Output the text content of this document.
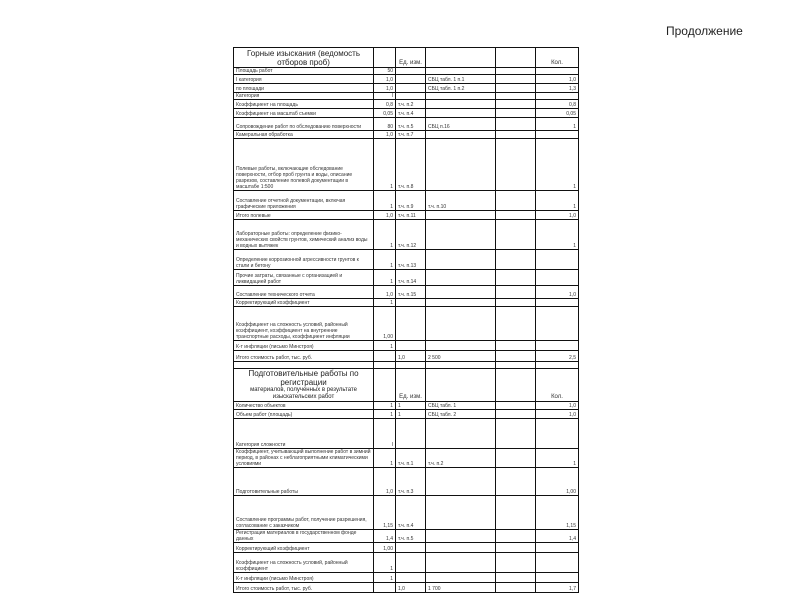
Продолжение
Горные изыскания (ведомость отборов проб)		Ед. изм.			Кол.
Площадь работ	50				
I категория	1,0		СБЦ табл. 1 п.1		1,0
по площади	1,0		СБЦ табл. 1 п.2		1,3
Категория	I				
Коэффициент на площадь	0,8	т.ч. п.2			0,8
Коэффициент на масштаб съемки	0,05	т.ч. п.4			0,05
Сопровождение работ по обследованию поверхности	80	т.ч. п.5	СБЦ п.16		1
Камеральная обработка	1,0	т.ч. п.7			
Полевые работы, включающие обследование поверхности, отбор проб грунта и воды, описание разрезов, составление полевой документации в масштабе 1:500	1	т.ч. п.8			1
Составление отчетной документации, включая графические приложения	1	т.ч. п.9	т.ч. п.10		1
Итого полевые	1,0	т.ч. п.11			1,0
Лабораторные работы: определение физико-механических свойств грунтов, химический анализ воды и водных вытяжек	1	т.ч. п.12			1
Определение коррозионной агрессивности грунтов к стали и бетону	1	т.ч. п.13			
Прочие затраты, связанные с организацией и ликвидацией работ	1	т.ч. п.14			
Составление технического отчета	1,0	т.ч. п.15			1,0
Корректирующий коэффициент	1				
Коэффициент на сложность условий, районный коэффициент, коэффициент на внутренние транспортные расходы, коэффициент инфляции	1,00				
К-т инфляции (письмо Минстроя)	1				
Итого стоимость работ, тыс. руб.		1,0	2 500		2,5

Подготовительные работы по регистрации
материалов, полученных в результате изыскательских работ		Ед. изм.			Кол.
Количество объектов	1	1	СБЦ табл. 1		1,0
Объем работ (площадь)	1	1	СБЦ табл. 2		1,0
Категория сложности	I				
Коэффициент, учитывающий выполнение работ в зимний период, в районах с неблагоприятными климатическими условиями	1	т.ч. п.1	т.ч. п.2		1
Подготовительные работы	1,0	т.ч. п.3			1,00
Составление программы работ, получение разрешения, согласование с заказчиком	1,15	т.ч. п.4			1,15
Регистрация материалов в государственном фонде данных	1,4	т.ч. п.5			1,4
Корректирующий коэффициент	1,00				
Коэффициент на сложность условий, районный коэффициент	1				
К-т инфляции (письмо Минстроя)	1				
Итого стоимость работ, тыс. руб.		1,0	1 700		1,7
